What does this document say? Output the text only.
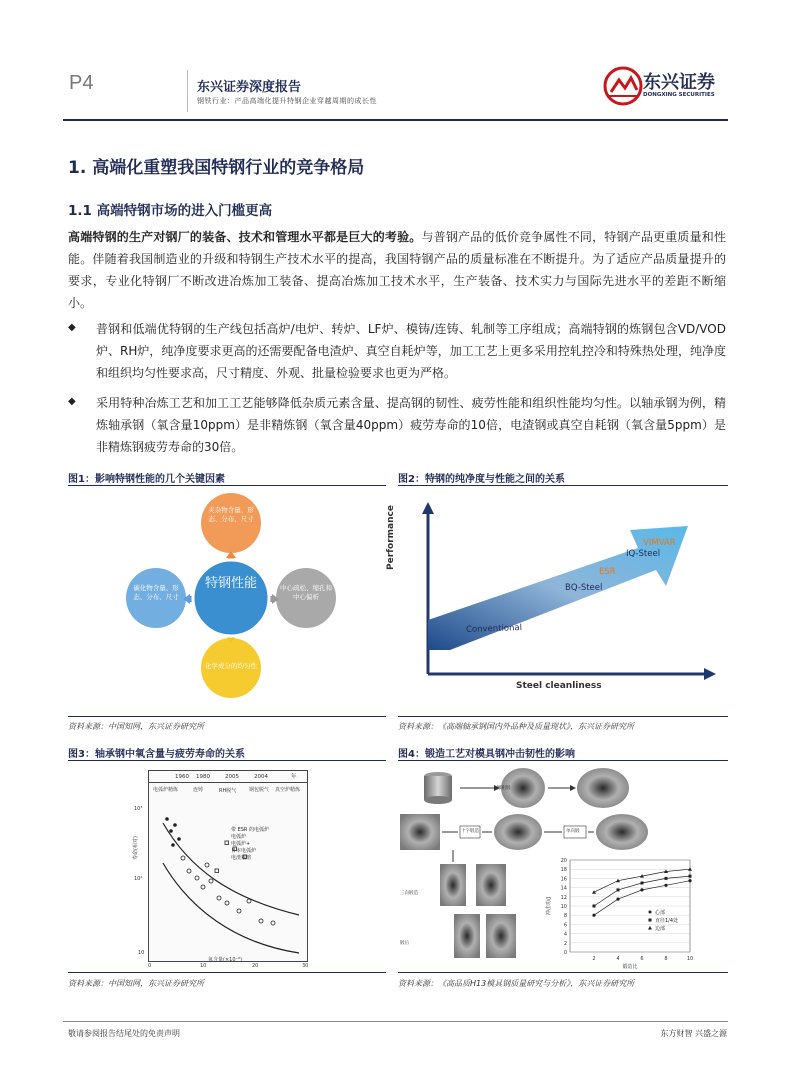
P4	东兴证券深度报告
钢铁行业：产品高端化提升特钢企业穿越周期的成长性
东兴证券
DONGXING SECURITIES
1. 高端化重塑我国特钢行业的竞争格局
1.1 高端特钢市场的进入门槛更高
高端特钢的生产对钢厂的装备、技术和管理水平都是巨大的考验。与普钢产品的低价竞争属性不同，特钢产品更重质量和性能。伴随着我国制造业的升级和特钢生产技术水平的提高，我国特钢产品的质量标准在不断提升。为了适应产品质量提升的要求，专业化特钢厂不断改进冶炼加工装备、提高冶炼加工技术水平，生产装备、技术实力与国际先进水平的差距不断缩小。
◆ 普钢和低端优特钢的生产线包括高炉/电炉、转炉、LF炉、模铸/连铸、轧制等工序组成；高端特钢的炼钢包含VD/VOD炉、RH炉，纯净度要求更高的还需要配备电渣炉、真空自耗炉等，加工工艺上更多采用控轧控冷和特殊热处理，纯净度和组织均匀性要求高，尺寸精度、外观、批量检验要求也更为严格。
◆ 采用特种冶炼工艺和加工工艺能够降低杂质元素含量、提高钢的韧性、疲劳性能和组织性能均匀性。以轴承钢为例，精炼轴承钢（氧含量10ppm）是非精炼钢（氧含量40ppm）疲劳寿命的10倍，电渣钢或真空自耗钢（氧含量5ppm）是非精炼钢疲劳寿命的30倍。
图1：影响特钢性能的几个关键因素
特钢性能
夹杂物含量、形态、分布、尺寸
碳化物含量、形态、分布、尺寸
中心疏松、缩孔和中心偏析
化学成分的均匀性
资料来源：中国知网，东兴证券研究所
图2：特钢的纯净度与性能之间的关系
Performance
Steel cleanliness
Conventional
BQ-Steel
ESR
IQ-Steel
VIMVAR
资料来源：《高端轴承钢国内外品种及质量现状》，东兴证券研究所
图3：轴承钢中氧含量与疲劳寿命的关系
1960 1980	2005	2004	年
电弧炉精炼	连铸	RH脱气	钢包脱气	真空炉精炼
带 ESR 的电弧炉
电弧炉
电弧炉+
日本电弧炉
电渣重熔
10³
10²
10
寿命(相对)
0	10	20	30
氧含量(×10⁻⁶)
资料来源：中国知网，东兴证券研究所
图4：锻造工艺对模具钢冲击韧性的影响
镦粗锻
十字锻造	单向锻
三向锻造
锻后
0
2
4
6
8
10
12
14
16
18
20
2	4	6	8	10
锻造比
冲击功/J	心部
直径1/4处
边部
资料来源：《高品质H13模具钢质量研究与分析》，东兴证券研究所
敬请参阅报告结尾处的免责声明	东方财智 兴盛之源
